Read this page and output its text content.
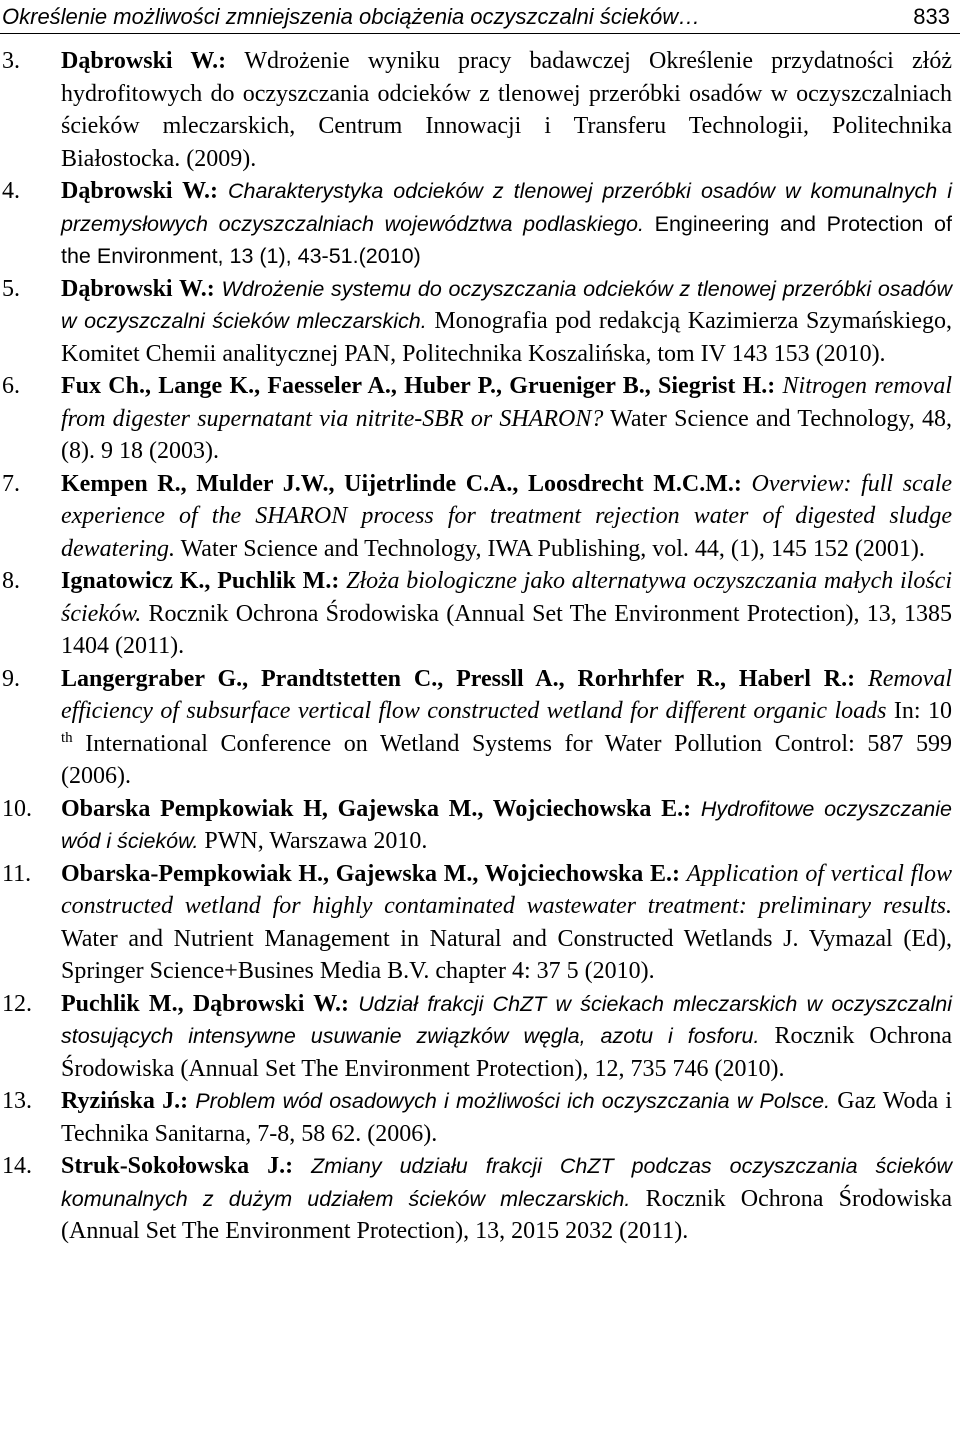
Określenie możliwości zmniejszenia obciążenia oczyszczalni ścieków…	833
3. Dąbrowski W.: Wdrożenie wyniku pracy badawczej Określenie przydatności złóż hydrofitowych do oczyszczania odcieków z tlenowej przeróbki osadów w oczyszczalniach ścieków mleczarskich, Centrum Innowacji i Transferu Technologii, Politechnika Białostocka. (2009).
4. Dąbrowski W.: Charakterystyka odcieków z tlenowej przeróbki osadów w komunalnych i przemysłowych oczyszczalniach województwa podlaskiego. Engineering and Protection of the Environment, 13 (1), 43-51.(2010)
5. Dąbrowski W.: Wdrożenie systemu do oczyszczania odcieków z tlenowej przeróbki osadów w oczyszczalni ścieków mleczarskich. Monografia pod redakcją Kazimierza Szymańskiego, Komitet Chemii analitycznej PAN, Politechnika Koszalińska, tom IV 143 153 (2010).
6. Fux Ch., Lange K., Faesseler A., Huber P., Grueniger B., Siegrist H.: Nitrogen removal from digester supernatant via nitrite-SBR or SHARON? Water Science and Technology, 48, (8). 9 18 (2003).
7. Kempen R., Mulder J.W., Uijetrlinde C.A., Loosdrecht M.C.M.: Overview: full scale experience of the SHARON process for treatment rejection water of digested sludge dewatering. Water Science and Technology, IWA Publishing, vol. 44, (1), 145 152 (2001).
8. Ignatowicz K., Puchlik M.: Złoża biologiczne jako alternatywa oczyszczania małych ilości ścieków. Rocznik Ochrona Środowiska (Annual Set The Environment Protection), 13, 1385 1404 (2011).
9. Langergraber G., Prandtstetten C., Pressll A., Rorhrhfer R., Haberl R.: Removal efficiency of subsurface vertical flow constructed wetland for different organic loads In: 10 $^{th}$ International Conference on Wetland Systems for Water Pollution Control: 587 599 (2006).
10. Obarska Pempkowiak H, Gajewska M., Wojciechowska E.: Hydrofitowe oczyszczanie wód i ścieków. PWN, Warszawa 2010.
11. Obarska-Pempkowiak H., Gajewska M., Wojciechowska E.: Application of vertical flow constructed wetland for highly contaminated wastewater treatment: preliminary results. Water and Nutrient Management in Natural and Constructed Wetlands J. Vymazal (Ed), Springer Science+Busines Media B.V. chapter 4: 37 5 (2010).
12. Puchlik M., Dąbrowski W.: Udział frakcji ChZT w ściekach mleczarskich w oczyszczalni stosujących intensywne usuwanie związków węgla, azotu i fosforu. Rocznik Ochrona Środowiska (Annual Set The Environment Protection), 12, 735 746 (2010).
13. Ryzińska J.: Problem wód osadowych i możliwości ich oczyszczania w Polsce. Gaz Woda i Technika Sanitarna, 7-8, 58 62. (2006).
14. Struk-Sokołowska J.: Zmiany udziału frakcji ChZT podczas oczyszczania ścieków komunalnych z dużym udziałem ścieków mleczarskich. Rocznik Ochrona Środowiska (Annual Set The Environment Protection), 13, 2015 2032 (2011).
